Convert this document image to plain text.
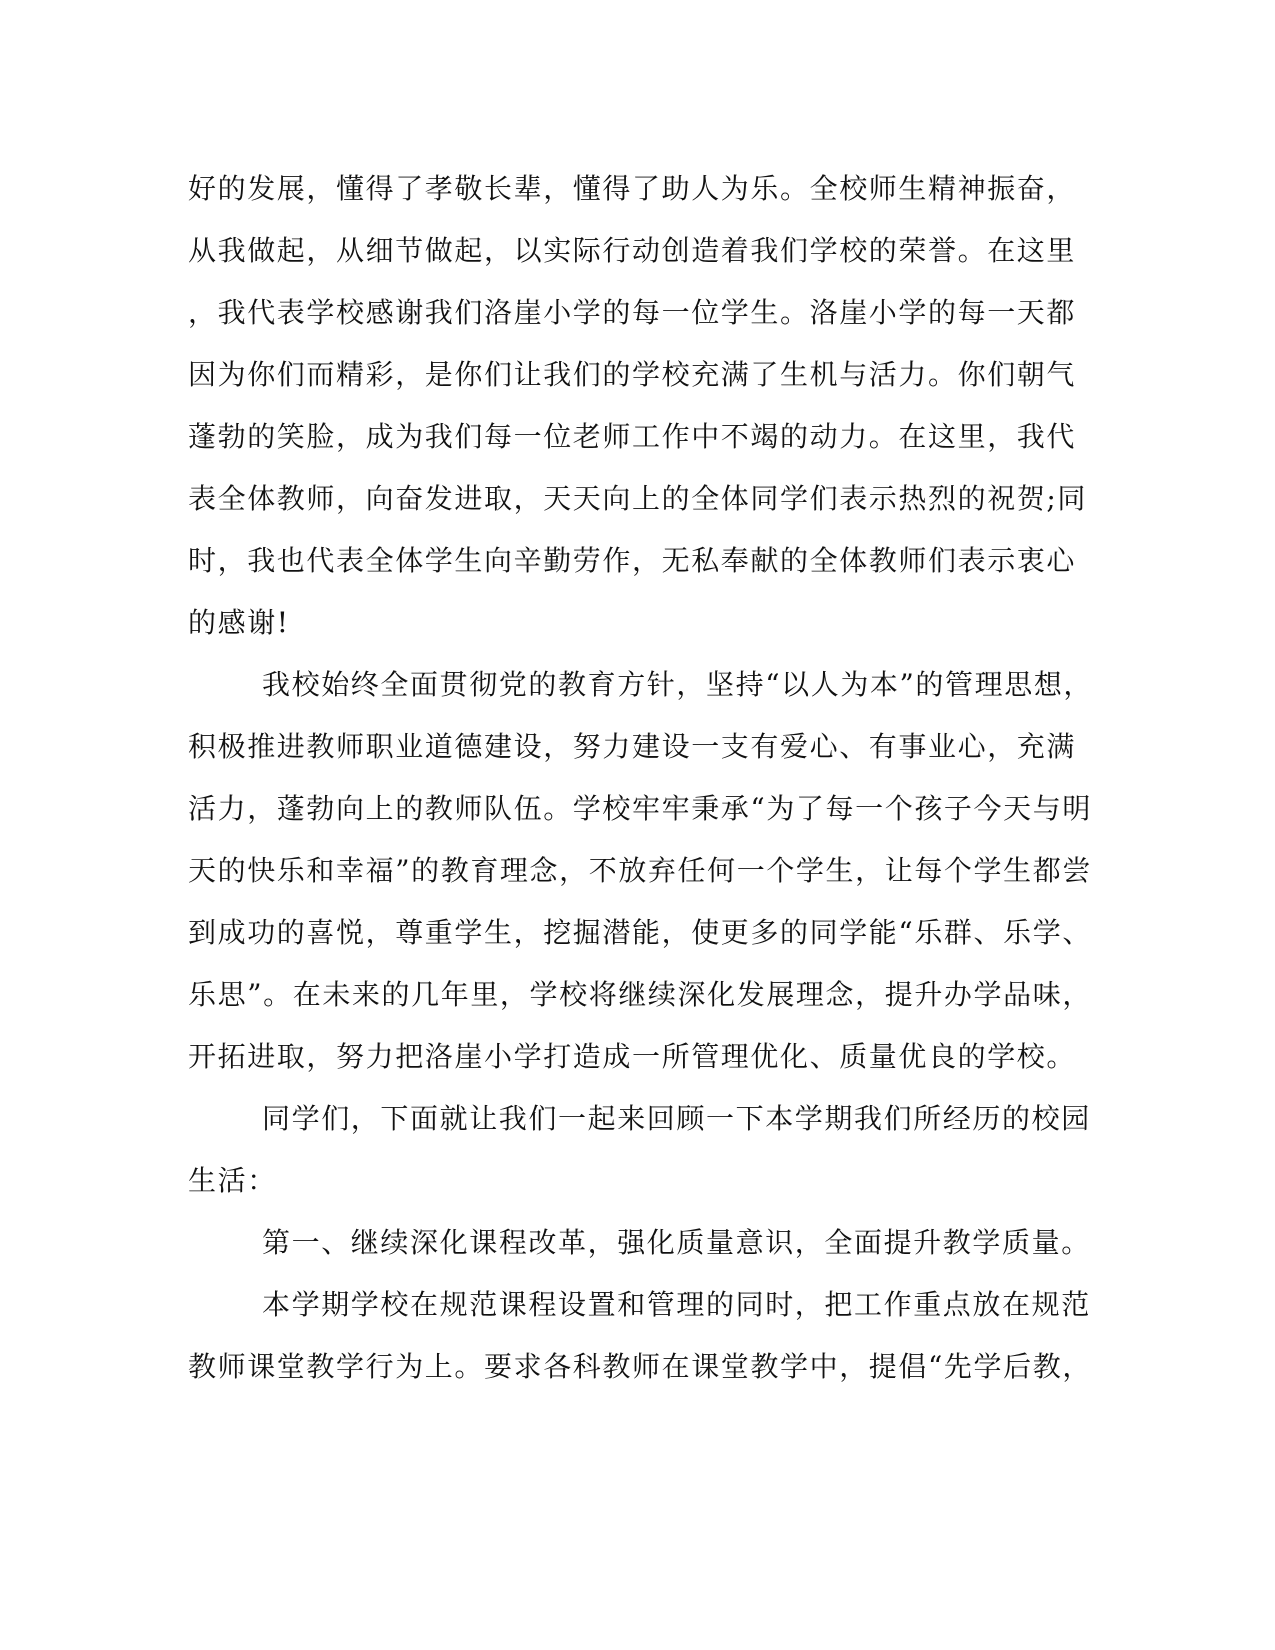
好的发展，懂得了孝敬长辈，懂得了助人为乐。全校师生精神振奋，
从我做起，从细节做起，以实际行动创造着我们学校的荣誉。在这里
，我代表学校感谢我们洛崖小学的每一位学生。洛崖小学的每一天都
因为你们而精彩，是你们让我们的学校充满了生机与活力。你们朝气
蓬勃的笑脸，成为我们每一位老师工作中不竭的动力。在这里，我代
表全体教师，向奋发进取，天天向上的全体同学们表示热烈的祝贺;同
时，我也代表全体学生向辛勤劳作，无私奉献的全体教师们表示衷心
的感谢!
我校始终全面贯彻党的教育方针，坚持“以人为本”的管理思想，
积极推进教师职业道德建设，努力建设一支有爱心、有事业心，充满
活力，蓬勃向上的教师队伍。学校牢牢秉承“为了每一个孩子今天与明
天的快乐和幸福”的教育理念，不放弃任何一个学生，让每个学生都尝
到成功的喜悦，尊重学生，挖掘潜能，使更多的同学能“乐群、乐学、
乐思”。在未来的几年里，学校将继续深化发展理念，提升办学品味，
开拓进取，努力把洛崖小学打造成一所管理优化、质量优良的学校。
同学们，下面就让我们一起来回顾一下本学期我们所经历的校园
生活：
第一、继续深化课程改革，强化质量意识，全面提升教学质量。
本学期学校在规范课程设置和管理的同时，把工作重点放在规范
教师课堂教学行为上。要求各科教师在课堂教学中，提倡“先学后教，
